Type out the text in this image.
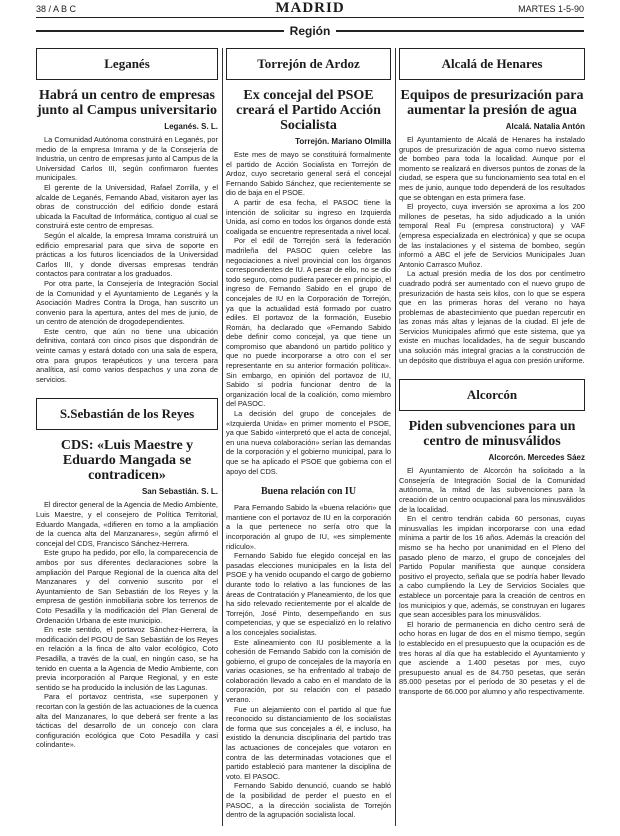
38 / A B C	MADRID	MARTES 1-5-90
Región
Leganés
Habrá un centro de empresas junto al Campus universitario
Leganés. S. L.

La Comunidad Autónoma construirá en Leganés, por medio de la empresa Imrama y de la Consejería de Industria, un centro de empresas junto al Campus de la Universidad Carlos III, según confirmaron fuentes municipales.

El gerente de la Universidad, Rafael Zorrilla, y el alcalde de Leganés, Fernando Abad, visitaron ayer las obras de construcción del edificio donde estará ubicada la Facultad de Informática, contiguo al cual se construirá este centro de empresas.

Según el alcalde, la empresa Imrama construirá un edificio empresarial para que sirva de soporte en prácticas a los futuros licenciados de la Universidad Carlos III, y donde diversas empresas tendrán contactos para contratar a los graduados.

Por otra parte, la Consejería de Integración Social de la Comunidad y el Ayuntamiento de Leganés y la Asociación Madres Contra la Droga, han suscrito un convenio para la apertura, antes del mes de junio, de un centro de atención de drogodependientes.

Este centro, que aún no tiene una ubicación definitiva, contará con cinco pisos que dispondrán de veinte camas y estará dotado con una sala de espera, otra para grupos terapéuticos y una tercera para analítica, así como varios despachos y una zona de servicios.

S.Sebastián de los Reyes
CDS: «Luis Maestre y Eduardo Mangada se contradicen»
San Sebastián. S. L.

El director general de la Agencia de Medio Ambiente, Luis Maestre, y el consejero de Política Territorial, Eduardo Mangada, «difieren en torno a la ampliación de la cuenca alta del Manzanares», según afirmó el concejal del CDS, Francisco Sánchez-Herrera.

Este grupo ha pedido, por ello, la comparecencia de ambos por sus diferentes declaraciones sobre la ampliación del Parque Regional de la cuenca alta del Manzanares y del convenio suscrito por el Ayuntamiento de San Sebastián de los Reyes y la empresa de gestión inmobiliaria sobre los terrenos de Coto Pesadilla y la modificación del Plan General de Ordenación Urbana de este municipio.

En este sentido, el portavoz Sánchez-Herrera, la modificación del PGOU de San Sebastián de los Reyes en relación a la finca de alto valor ecológico, Coto Pesadilla, a través de la cual, en ningún caso, se ha tenido en cuenta a la Agencia de Medio Ambiente, con previa incorporación al Parque Regional, y en este sentido se ha producido la inclusión de las Lagunas.

Para el portavoz centrista, «se superponen y recortan con la gestión de las actuaciones de la cuenca alta del Manzanares, lo que deberá ser frente a las tácticas del desarrollo de un concejo con clara configuración ecológica que Coto Pesadilla y casi colindante».

Torrejón de Ardoz
Ex concejal del PSOE creará el Partido Acción Socialista
Torrejón. Mariano Olmilla

Este mes de mayo se constituirá formalmente el partido de Acción Socialista en Torrejón de Ardoz, cuyo secretario general será el concejal Fernando Sabido Sánchez, que recientemente se dio de baja en el PSOE.

A partir de esa fecha, el PASOC tiene la intención de solicitar su ingreso en Izquierda Unida, así como en todos los órganos donde está coaligada se encuentre representada a nivel local.

Por el edil de Torrejón será la federación madrileña del PASOC quien celebre las negociaciones a nivel provincial con los órganos correspondientes de IU. A pesar de ello, no se dio todo seguro, como pudiera parecer en principio, el ingreso de Fernando Sabido en el grupo de concejales de IU en la Corporación de Torrejón, ya que la actualidad está formado por cuatro ediles. El portavoz de la formación, Eusebio Román, ha declarado que «Fernando Sabido debe definir como concejal, ya que tiene un compromiso que abandonó un partido político y que no puede incorporarse a otro con el ser representante en su anterior formación política». Sin embargo, en opinión del portavoz de IU, Sabido sí podría funcionar dentro de la organización local de la coalición, como miembro del PASOC.

La decisión del grupo de concejales de «Izquierda Unida» en primer momento el PSOE, ya que Sabido «interpretó que el acta de concejal, en una nueva colaboración» serían las demandas de la corporación y el gobierno municipal, para lo que se ha aplicado el PSOE que gobierna con el apoyo del CDS.

Buena relación con IU

Para Fernando Sabido la «buena relación» que mantiene con el portavoz de IU en la corporación a la que pertenece no sería otro que la incorporación al grupo de IU, «es simplemente ridículo».

Fernando Sabido fue elegido concejal en las pasadas elecciones municipales en la lista del PSOE y ha venido ocupando el cargo de gobierno durante todo lo relativo a las funciones de las áreas de Contratación y Planeamiento, de los que ha sido relevado recientemente por el alcalde de Torrejón, José Pinto, desempeñando en sus competencias, y que se especializó en lo relativo a los concejales socialistas.

Este alineamiento con IU posiblemente a la cohesión de Fernando Sabido con la comisión de gobierno, el grupo de concejales de la mayoría en varias ocasiones, se ha enfrentado al trabajo de colaboración llevado a cabo en el mandato de la corporación, por su relación con el pasado verano.

Fue un alejamiento con el partido al que fue reconocido su distanciamiento de los socialistas de forma que sus concejales a él, e incluso, ha existido la denuncia disciplinaria del partido tras las actuaciones de concejales que votaron en contra de las determinadas votaciones que el partido estableció para mantener la disciplina de voto. El PASOC.

Fernando Sabido denunció, cuando se habló de la posibilidad de perder el puesto en el PASOC, a la dirección socialista de Torrejón dentro de la agrupación socialista local.

Alcalá de Henares
Equipos de presurización para aumentar la presión de agua
Alcalá. Natalia Antón

El Ayuntamiento de Alcalá de Henares ha instalado grupos de presurización de agua como nuevo sistema de bombeo para toda la localidad. Aunque por el momento se realizará en diversos puntos de zonas de la ciudad, se espera que su funcionamiento sea total en el mes de junio, aunque todo dependerá de los resultados que se obtengan en esta primera fase.

El proyecto, cuya inversión se aproxima a los 200 millones de pesetas, ha sido adjudicado a la unión temporal Real Fu (empresa constructora) y VAF (empresa especializada en electrónica) y que se ocupa de las instalaciones y el sistema de bombeo, según informó a ABC el jefe de Servicios Municipales Juan Antonio Carrasco Muñoz.

La actual presión media de los dos por centímetro cuadrado podrá ser aumentado con el nuevo grupo de presurización de hasta seis kilos, con lo que se espera que en las primeras horas del verano no haya problemas de abastecimiento que puedan repercutir en las zonas más altas y lejanas de la ciudad. El jefe de Servicios Municipales afirmó que este sistema, que ya existe en muchas localidades, ha de seguir buscando una solución más integral gracias a la construcción de un depósito que distribuya el agua con presión uniforme.

Alcorcón
Piden subvenciones para un centro de minusválidos
Alcorcón. Mercedes Sáez

El Ayuntamiento de Alcorcón ha solicitado a la Consejería de Integración Social de la Comunidad autónoma, la mitad de las subvenciones para la creación de un centro ocupacional para los minusválidos de la localidad.

En el centro tendrán cabida 60 personas, cuyas minusvalías les impidan incorporarse con una edad mínima a partir de los 16 años. Además la creación del mismo se ha hecho por unanimidad en el Pleno del pasado pleno de marzo, el grupo de concejales del Partido Popular manifiesta que aunque considera positivo el proyecto, señala que se podría haber llevado a cabo cumpliendo la Ley de Servicios Sociales que establece un porcentaje para la creación de centros en los municipios y que, además, se construyan en lugares que sean accesibles para los minusválidos.

El horario de permanencia en dicho centro será de ocho horas en lugar de dos en el mismo tiempo, según lo establecido en el presupuesto que la ocupación es de tres horas al día que ha establecido el Ayuntamiento y que asciende a 1.400 pesetas por mes, cuyo presupuesto anual es de 84.750 pesetas, que serán 85.000 pesetas por el período de 30 pesetas y el de transporte de 66.000 por alumno y año respectivamente.
